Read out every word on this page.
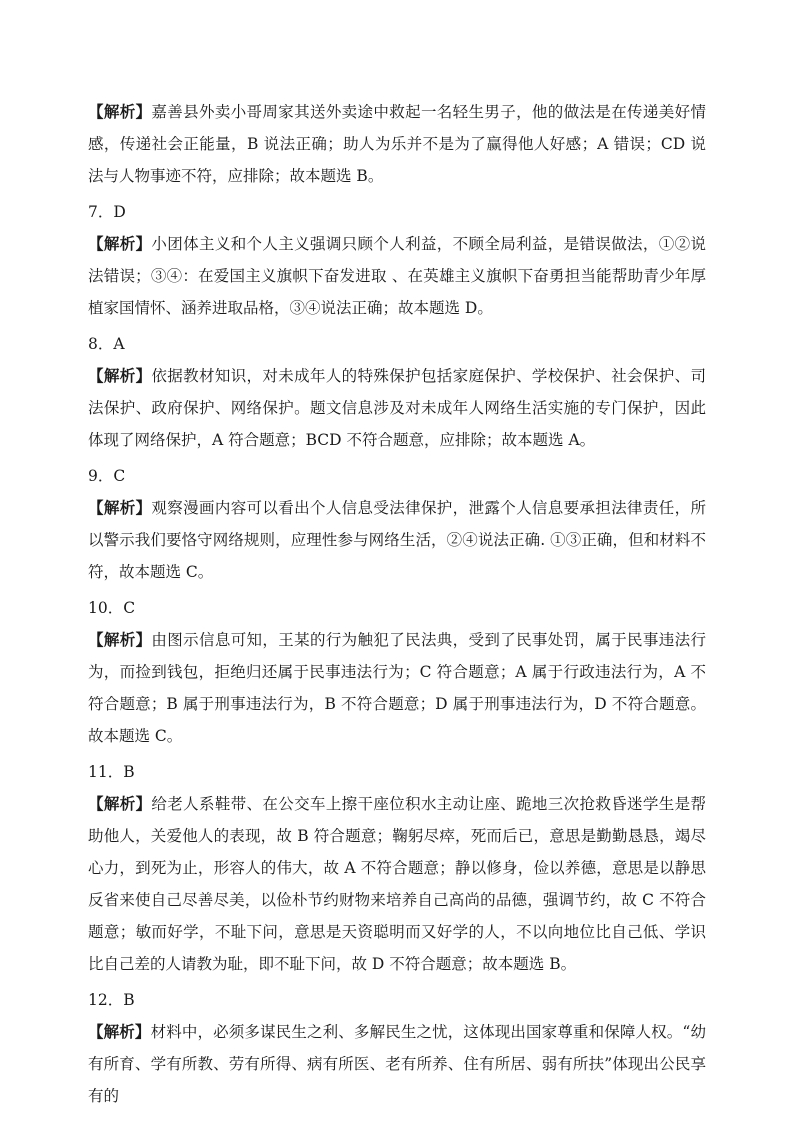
【解析】嘉善县外卖小哥周家其送外卖途中救起一名轻生男子，他的做法是在传递美好情感，传递社会正能量，B 说法正确；助人为乐并不是为了赢得他人好感；A 错误；CD 说法与人物事迹不符，应排除；故本题选 B。

7．D

【解析】小团体主义和个人主义强调只顾个人利益，不顾全局利益，是错误做法，①②说法错误；③④：在爱国主义旗帜下奋发进取 、在英雄主义旗帜下奋勇担当能帮助青少年厚植家国情怀、涵养进取品格，③④说法正确；故本题选 D。

8．A

【解析】依据教材知识，对未成年人的特殊保护包括家庭保护、学校保护、社会保护、司法保护、政府保护、网络保护。题文信息涉及对未成年人网络生活实施的专门保护，因此体现了网络保护，A 符合题意；BCD 不符合题意，应排除；故本题选 A。

9．C

【解析】观察漫画内容可以看出个人信息受法律保护，泄露个人信息要承担法律责任，所以警示我们要恪守网络规则，应理性参与网络生活，②④说法正确. ①③正确，但和材料不符，故本题选 C。

10．C

【解析】由图示信息可知，王某的行为触犯了民法典，受到了民事处罚，属于民事违法行为，而捡到钱包，拒绝归还属于民事违法行为；C 符合题意；A 属于行政违法行为，A 不符合题意；B 属于刑事违法行为，B 不符合题意；D 属于刑事违法行为，D 不符合题意。故本题选 C。

11．B

【解析】给老人系鞋带、在公交车上擦干座位积水主动让座、跪地三次抢救昏迷学生是帮助他人，关爱他人的表现，故 B 符合题意；鞠躬尽瘁，死而后已，意思是勤勤恳恳，竭尽心力，到死为止，形容人的伟大，故 A 不符合题意；静以修身，俭以养德，意思是以静思反省来使自己尽善尽美，以俭朴节约财物来培养自己高尚的品德，强调节约，故 C 不符合题意；敏而好学，不耻下问，意思是天资聪明而又好学的人，不以向地位比自己低、学识比自己差的人请教为耻，即不耻下问，故 D 不符合题意；故本题选 B。

12．B

【解析】材料中，必须多谋民生之利、多解民生之忧，这体现出国家尊重和保障人权。“幼有所育、学有所教、劳有所得、病有所医、老有所养、住有所居、弱有所扶”体现出公民享有的
